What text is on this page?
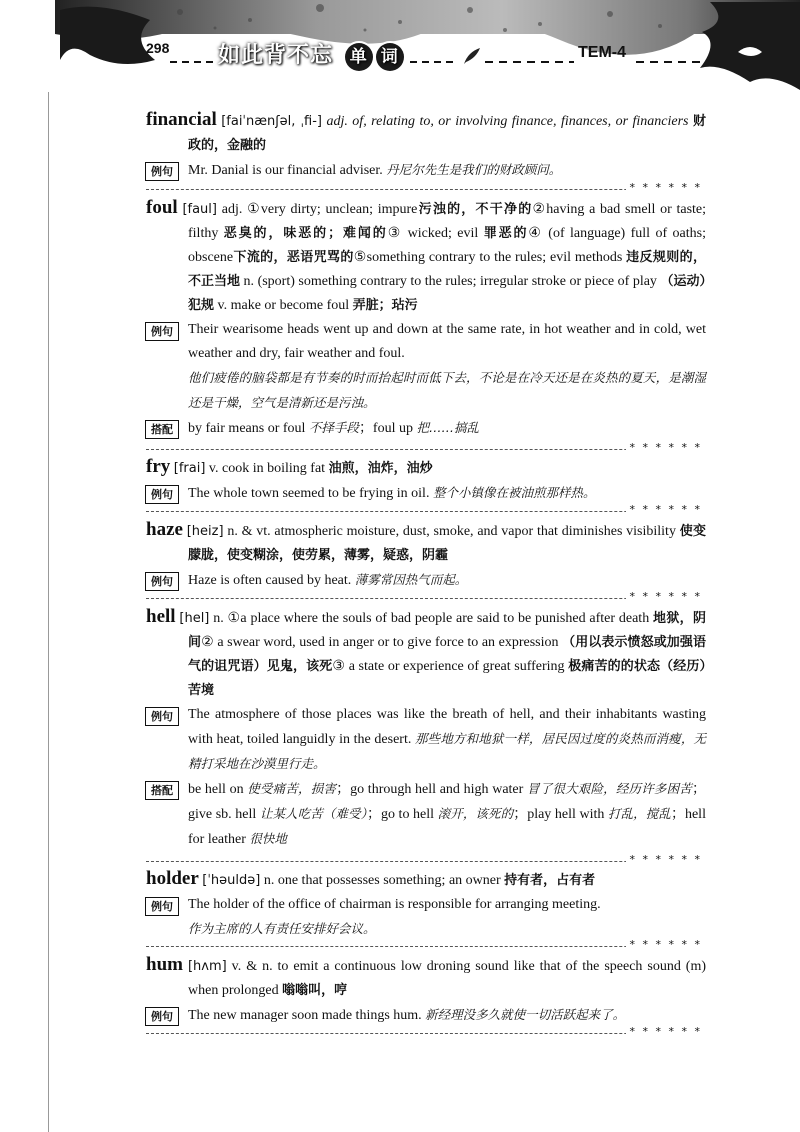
298 如此背不忘 单 词	TEM-4

financial [faiˈnænʃəl, ˌfi-] adj. of, relating to, or involving finance, finances, or financiers 财政的，金融的

例句	Mr. Danial is our financial adviser. 丹尼尔先生是我们的财政顾问。

* * * * * *

foul [faul] adj. ①very dirty; unclean; impure污浊的，不干净的②having a bad smell or taste; filthy 恶臭的，味恶的；难闻的③ wicked; evil 罪恶的④ (of language) full of oaths; obscene下流的，恶语咒骂的⑤something contrary to the rules; evil methods 违反规则的，不正当地 n. (sport) something contrary to the rules; irregular stroke or piece of play （运动）犯规 v. make or become foul 弄脏；玷污

例句	Their wearisome heads went up and down at the same rate, in hot weather and in cold, wet weather and dry, fair weather and foul.
他们疲倦的脑袋都是有节奏的时而抬起时而低下去，不论是在冷天还是在炎热的夏天，是潮湿还是干燥，空气是清新还是污浊。

搭配	by fair means or foul 不择手段；foul up 把……搞乱

* * * * * *

fry [frai] v. cook in boiling fat 油煎，油炸，油炒

例句	The whole town seemed to be frying in oil. 整个小镇像在被油煎那样热。

* * * * * *

haze [heiz] n. & vt. atmospheric moisture, dust, smoke, and vapor that diminishes visibility 使变朦胧，使变糊涂，使劳累，薄雾，疑惑，阴霾

例句	Haze is often caused by heat. 薄雾常因热气而起。

* * * * * *

hell [hel] n. ①a place where the souls of bad people are said to be punished after death 地狱，阴间② a swear word, used in anger or to give force to an expression （用以表示愤怒或加强语气的诅咒语）见鬼，该死③ a state or experience of great suffering 极痛苦的的状态（经历）苦境

例句	The atmosphere of those places was like the breath of hell, and their inhabitants wasting with heat, toiled languidly in the desert. 那些地方和地狱一样，居民因过度的炎热而消瘦，无精打采地在沙漠里行走。

搭配	be hell on 使受痛苦，损害；go through hell and high water 冒了很大艰险，经历许多困苦；give sb. hell 让某人吃苦（难受）；go to hell 滚开，该死的；play hell with 打乱，搅乱；hell for leather 很快地

* * * * * *

holder [ˈhəuldə] n. one that possesses something; an owner 持有者，占有者

例句	The holder of the office of chairman is responsible for arranging meeting.
作为主席的人有责任安排好会议。

* * * * * *

hum [hʌm] v. & n. to emit a continuous low droning sound like that of the speech sound (m) when prolonged 嗡嗡叫，哼

例句	The new manager soon made things hum. 新经理没多久就使一切活跃起来了。

* * * * * *
